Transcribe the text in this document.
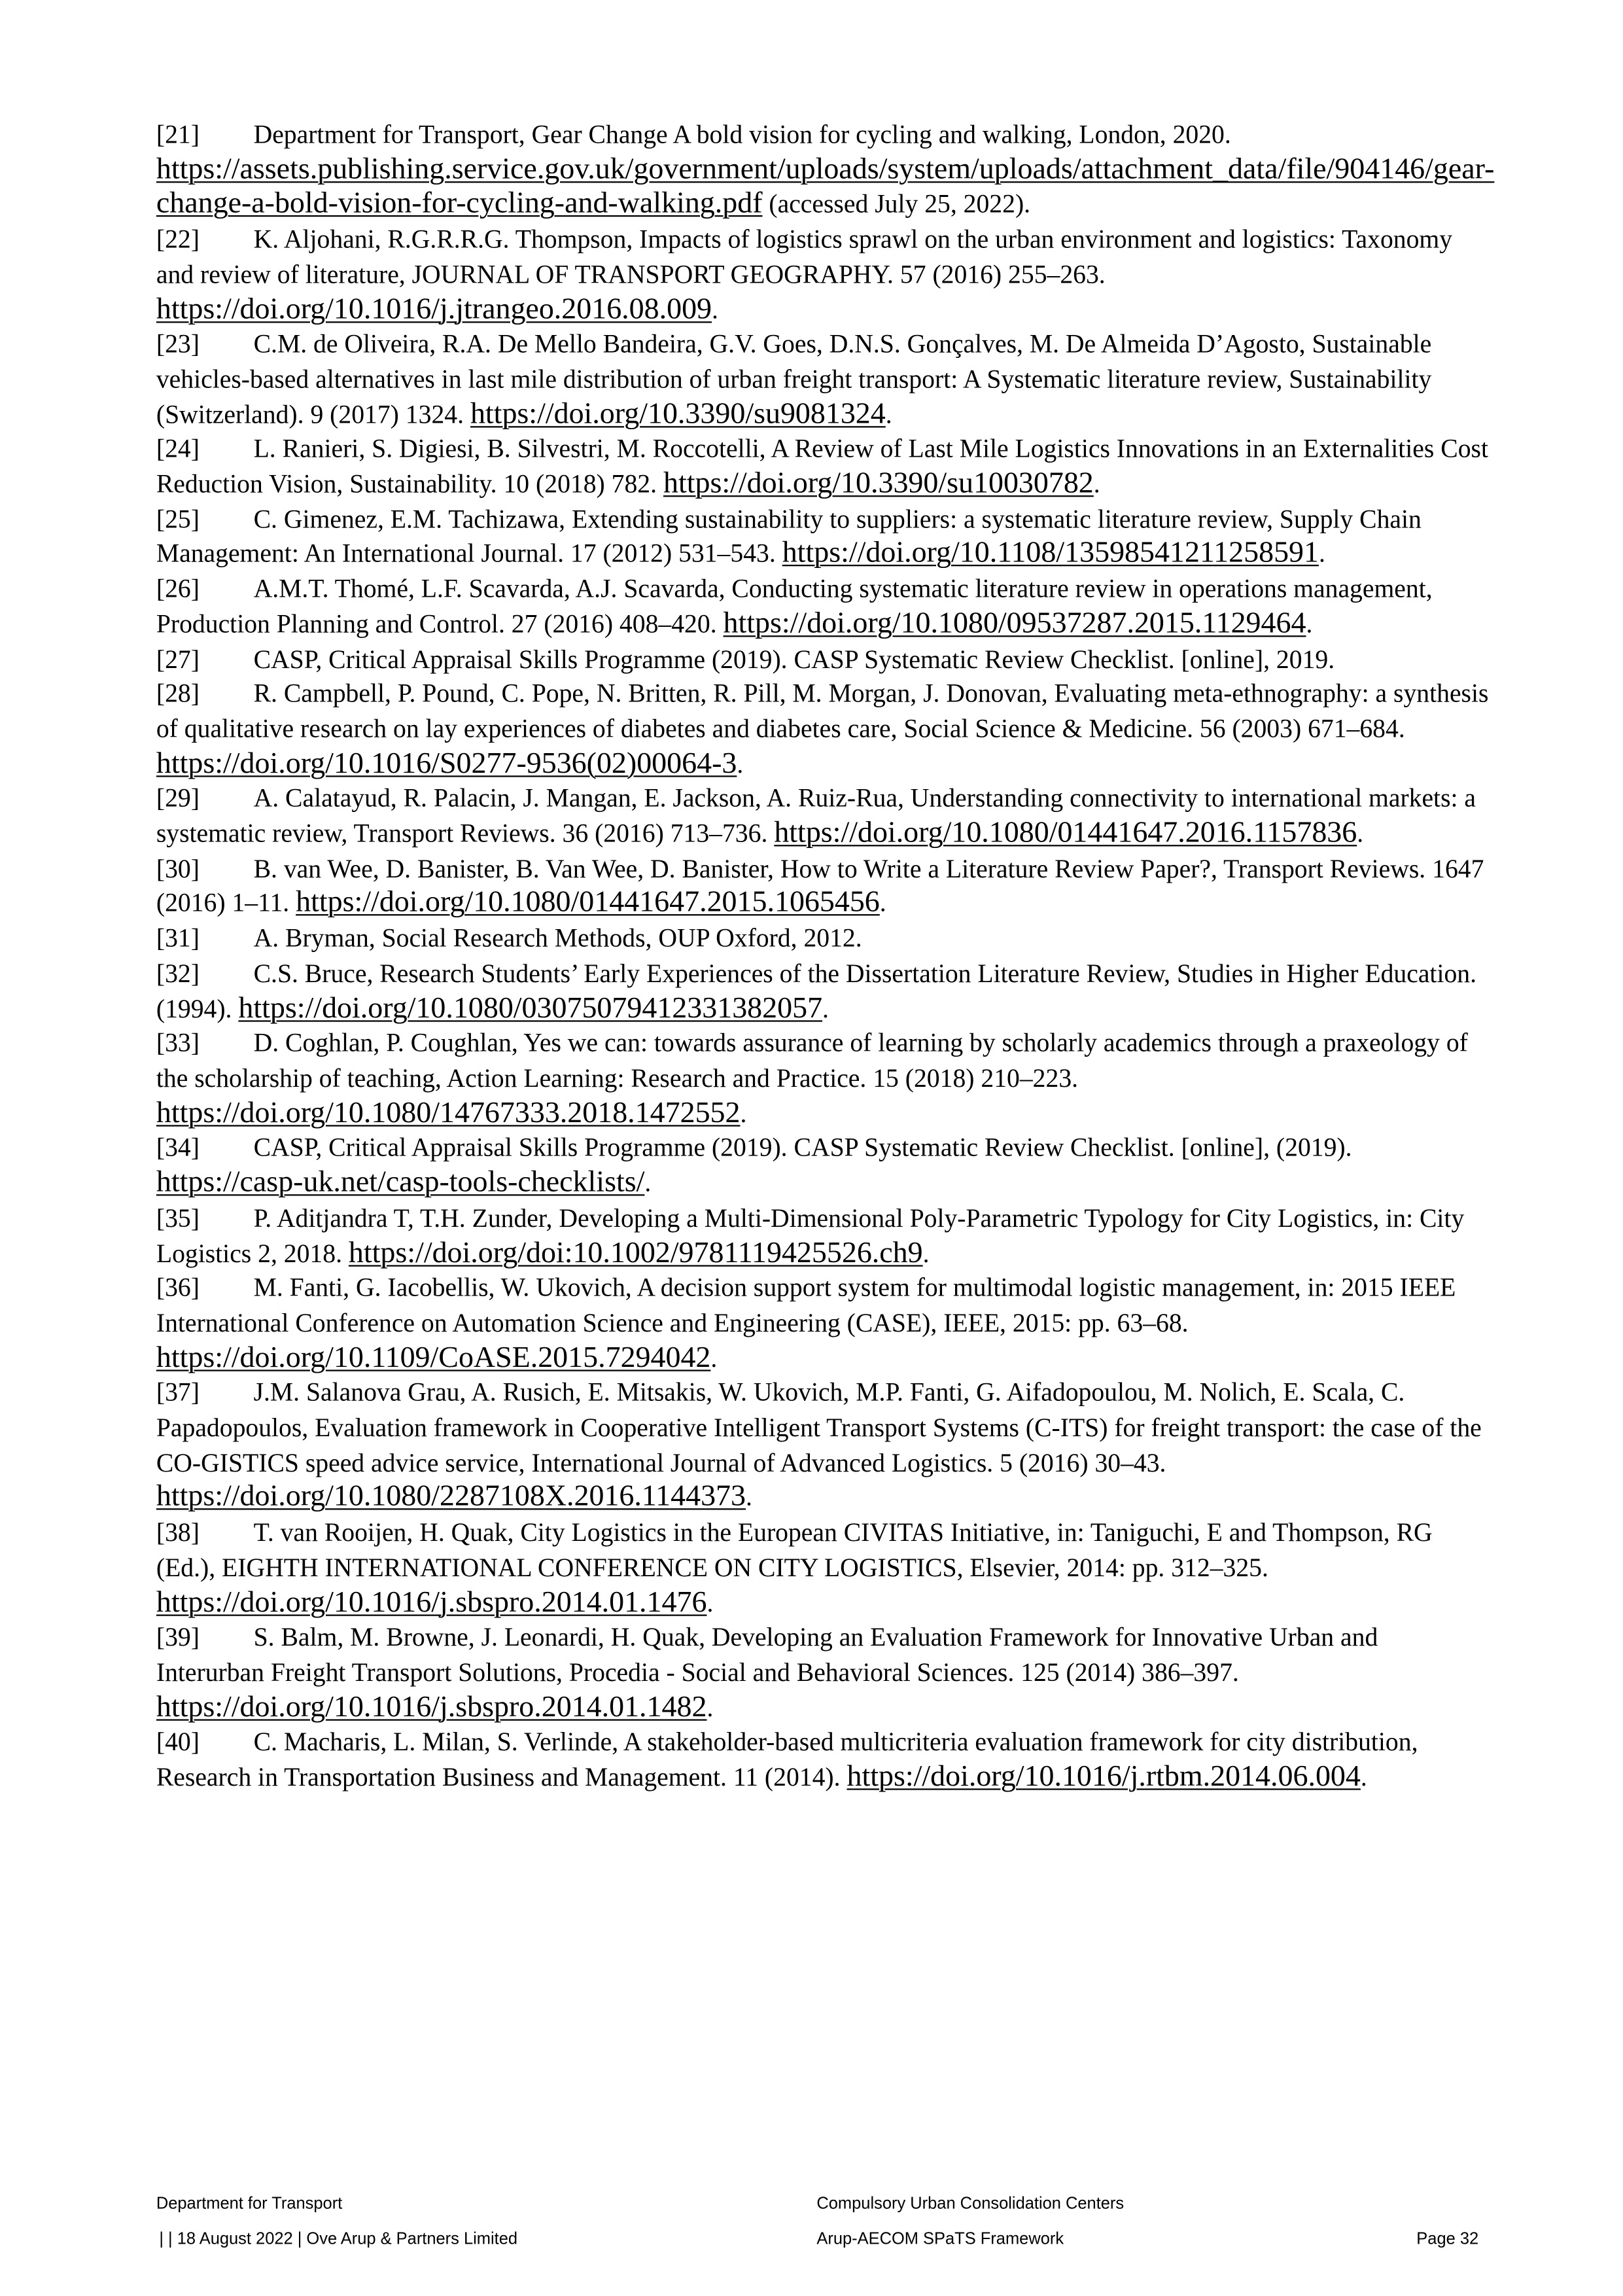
[21]	Department for Transport, Gear Change A bold vision for cycling and walking, London, 2020. https://assets.publishing.service.gov.uk/government/uploads/system/uploads/attachment_data/file/904146/gear-change-a-bold-vision-for-cycling-and-walking.pdf (accessed July 25, 2022).

[22]	K. Aljohani, R.G.R.R.G. Thompson, Impacts of logistics sprawl on the urban environment and logistics: Taxonomy and review of literature, JOURNAL OF TRANSPORT GEOGRAPHY. 57 (2016) 255–263. https://doi.org/10.1016/j.jtrangeo.2016.08.009.

[23]	C.M. de Oliveira, R.A. De Mello Bandeira, G.V. Goes, D.N.S. Gonçalves, M. De Almeida D’Agosto, Sustainable vehicles-based alternatives in last mile distribution of urban freight transport: A Systematic literature review, Sustainability (Switzerland). 9 (2017) 1324. https://doi.org/10.3390/su9081324.

[24]	L. Ranieri, S. Digiesi, B. Silvestri, M. Roccotelli, A Review of Last Mile Logistics Innovations in an Externalities Cost Reduction Vision, Sustainability. 10 (2018) 782. https://doi.org/10.3390/su10030782.

[25]	C. Gimenez, E.M. Tachizawa, Extending sustainability to suppliers: a systematic literature review, Supply Chain Management: An International Journal. 17 (2012) 531–543. https://doi.org/10.1108/13598541211258591.

[26]	A.M.T. Thomé, L.F. Scavarda, A.J. Scavarda, Conducting systematic literature review in operations management, Production Planning and Control. 27 (2016) 408–420. https://doi.org/10.1080/09537287.2015.1129464.

[27]	CASP, Critical Appraisal Skills Programme (2019). CASP Systematic Review Checklist. [online], 2019.

[28]	R. Campbell, P. Pound, C. Pope, N. Britten, R. Pill, M. Morgan, J. Donovan, Evaluating meta-ethnography: a synthesis of qualitative research on lay experiences of diabetes and diabetes care, Social Science & Medicine. 56 (2003) 671–684. https://doi.org/10.1016/S0277-9536(02)00064-3.

[29]	A. Calatayud, R. Palacin, J. Mangan, E. Jackson, A. Ruiz-Rua, Understanding connectivity to international markets: a systematic review, Transport Reviews. 36 (2016) 713–736. https://doi.org/10.1080/01441647.2016.1157836.

[30]	B. van Wee, D. Banister, B. Van Wee, D. Banister, How to Write a Literature Review Paper?, Transport Reviews. 1647 (2016) 1–11. https://doi.org/10.1080/01441647.2015.1065456.

[31]	A. Bryman, Social Research Methods, OUP Oxford, 2012.

[32]	C.S. Bruce, Research Students’ Early Experiences of the Dissertation Literature Review, Studies in Higher Education. (1994). https://doi.org/10.1080/03075079412331382057.

[33]	D. Coghlan, P. Coughlan, Yes we can: towards assurance of learning by scholarly academics through a praxeology of the scholarship of teaching, Action Learning: Research and Practice. 15 (2018) 210–223. https://doi.org/10.1080/14767333.2018.1472552.

[34]	CASP, Critical Appraisal Skills Programme (2019). CASP Systematic Review Checklist. [online], (2019). https://casp-uk.net/casp-tools-checklists/.

[35]	P. Aditjandra T, T.H. Zunder, Developing a Multi-Dimensional Poly-Parametric Typology for City Logistics, in: City Logistics 2, 2018. https://doi.org/doi:10.1002/9781119425526.ch9.

[36]	M. Fanti, G. Iacobellis, W. Ukovich, A decision support system for multimodal logistic management, in: 2015 IEEE International Conference on Automation Science and Engineering (CASE), IEEE, 2015: pp. 63–68. https://doi.org/10.1109/CoASE.2015.7294042.

[37]	J.M. Salanova Grau, A. Rusich, E. Mitsakis, W. Ukovich, M.P. Fanti, G. Aifadopoulou, M. Nolich, E. Scala, C. Papadopoulos, Evaluation framework in Cooperative Intelligent Transport Systems (C-ITS) for freight transport: the case of the CO-GISTICS speed advice service, International Journal of Advanced Logistics. 5 (2016) 30–43. https://doi.org/10.1080/2287108X.2016.1144373.

[38]	T. van Rooijen, H. Quak, City Logistics in the European CIVITAS Initiative, in: Taniguchi, E and Thompson, RG (Ed.), EIGHTH INTERNATIONAL CONFERENCE ON CITY LOGISTICS, Elsevier, 2014: pp. 312–325. https://doi.org/10.1016/j.sbspro.2014.01.1476.

[39]	S. Balm, M. Browne, J. Leonardi, H. Quak, Developing an Evaluation Framework for Innovative Urban and Interurban Freight Transport Solutions, Procedia - Social and Behavioral Sciences. 125 (2014) 386–397. https://doi.org/10.1016/j.sbspro.2014.01.1482.

[40]	C. Macharis, L. Milan, S. Verlinde, A stakeholder-based multicriteria evaluation framework for city distribution, Research in Transportation Business and Management. 11 (2014). https://doi.org/10.1016/j.rtbm.2014.06.004.

Department for Transport
| | 18 August 2022 | Ove Arup & Partners Limited
Compulsory Urban Consolidation Centers
Arup-AECOM SPaTS Framework	Page 32
